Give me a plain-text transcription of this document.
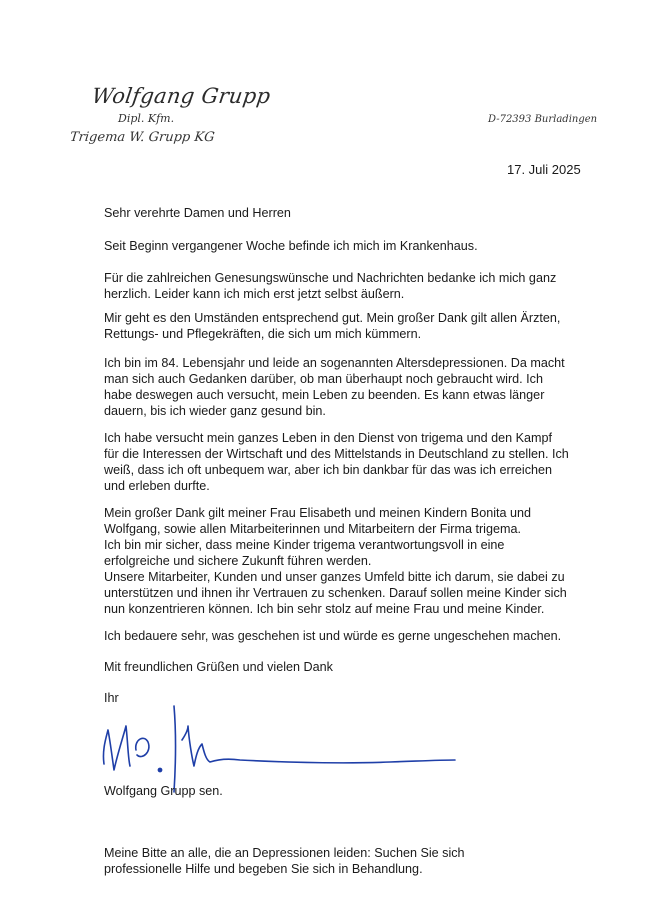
Wolfgang Grupp
Dipl. Kfm.
Trigema W. Grupp KG
D-72393 Burladingen
17. Juli 2025

Sehr verehrte Damen und Herren

Seit Beginn vergangener Woche befinde ich mich im Krankenhaus.

Für die zahlreichen Genesungswünsche und Nachrichten bedanke ich mich ganz
herzlich. Leider kann ich mich erst jetzt selbst äußern.

Mir geht es den Umständen entsprechend gut. Mein großer Dank gilt allen Ärzten,
Rettungs- und Pflegekräften, die sich um mich kümmern.

Ich bin im 84. Lebensjahr und leide an sogenannten Altersdepressionen. Da macht
man sich auch Gedanken darüber, ob man überhaupt noch gebraucht wird. Ich
habe deswegen auch versucht, mein Leben zu beenden. Es kann etwas länger
dauern, bis ich wieder ganz gesund bin.

Ich habe versucht mein ganzes Leben in den Dienst von trigema und den Kampf
für die Interessen der Wirtschaft und des Mittelstands in Deutschland zu stellen. Ich
weiß, dass ich oft unbequem war, aber ich bin dankbar für das was ich erreichen
und erleben durfte.

Mein großer Dank gilt meiner Frau Elisabeth und meinen Kindern Bonita und
Wolfgang, sowie allen Mitarbeiterinnen und Mitarbeitern der Firma trigema.
Ich bin mir sicher, dass meine Kinder trigema verantwortungsvoll in eine
erfolgreiche und sichere Zukunft führen werden.
Unsere Mitarbeiter, Kunden und unser ganzes Umfeld bitte ich darum, sie dabei zu
unterstützen und ihnen ihr Vertrauen zu schenken. Darauf sollen meine Kinder sich
nun konzentrieren können. Ich bin sehr stolz auf meine Frau und meine Kinder.

Ich bedauere sehr, was geschehen ist und würde es gerne ungeschehen machen.

Mit freundlichen Grüßen und vielen Dank

Ihr

Wolfgang Grupp sen.

Meine Bitte an alle, die an Depressionen leiden: Suchen Sie sich
professionelle Hilfe und begeben Sie sich in Behandlung.
